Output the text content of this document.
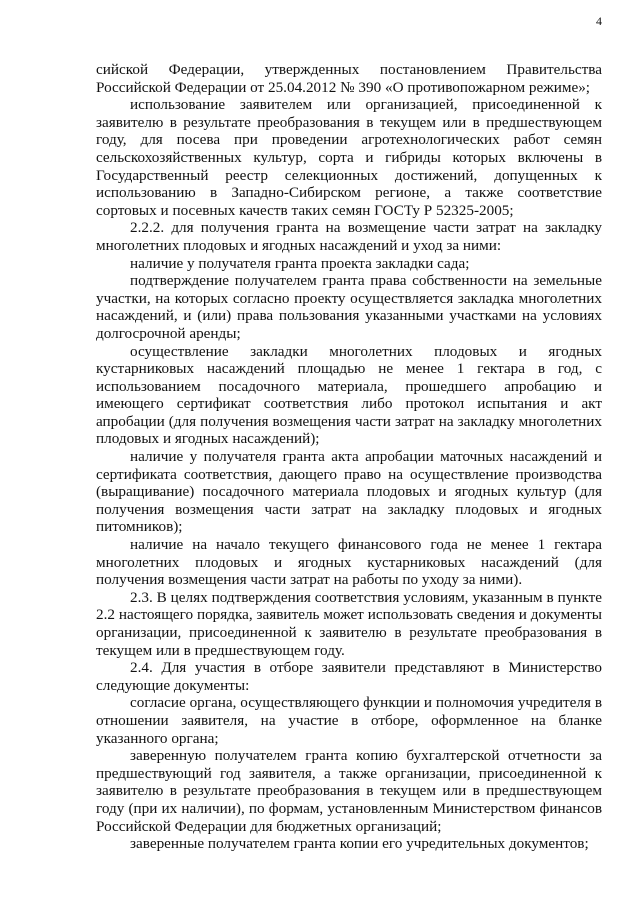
4

сийской Федерации, утвержденных постановлением Правительства Российской Федерации от 25.04.2012 № 390 «О противопожарном режиме»;

использование заявителем или организацией, присоединенной к заявителю в результате преобразования в текущем или в предшествующем году, для посева при проведении агротехнологических работ семян сельскохозяйственных культур, сорта и гибриды которых включены в Государственный реестр селекционных достижений, допущенных к использованию в Западно-Сибирском регионе, а также соответствие сортовых и посевных качеств таких семян ГОСТу Р 52325-2005;

2.2.2. для получения гранта на возмещение части затрат на закладку многолетних плодовых и ягодных насаждений и уход за ними:

наличие у получателя гранта проекта закладки сада;

подтверждение получателем гранта права собственности на земельные участки, на которых согласно проекту осуществляется закладка многолетних насаждений, и (или) права пользования указанными участками на условиях долгосрочной аренды;

осуществление закладки многолетних плодовых и ягодных кустарниковых насаждений площадью не менее 1 гектара в год, с использованием посадочного материала, прошедшего апробацию и имеющего сертификат соответствия либо протокол испытания и акт апробации (для получения возмещения части затрат на закладку многолетних плодовых и ягодных насаждений);

наличие у получателя гранта акта апробации маточных насаждений и сертификата соответствия, дающего право на осуществление производства (выращивание) посадочного материала плодовых и ягодных культур (для получения возмещения части затрат на закладку плодовых и ягодных питомников);

наличие на начало текущего финансового года не менее 1 гектара многолетних плодовых и ягодных кустарниковых насаждений (для получения возмещения части затрат на работы по уходу за ними).

2.3. В целях подтверждения соответствия условиям, указанным в пункте 2.2 настоящего порядка, заявитель может использовать сведения и документы организации, присоединенной к заявителю в результате преобразования в текущем или в предшествующем году.

2.4. Для участия в отборе заявители представляют в Министерство следующие документы:

согласие органа, осуществляющего функции и полномочия учредителя в отношении заявителя, на участие в отборе, оформленное на бланке указанного органа;

заверенную получателем гранта копию бухгалтерской отчетности за предшествующий год заявителя, а также организации, присоединенной к заявителю в результате преобразования в текущем или в предшествующем году (при их наличии), по формам, установленным Министерством финансов Российской Федерации для бюджетных организаций;

заверенные получателем гранта копии его учредительных документов;
